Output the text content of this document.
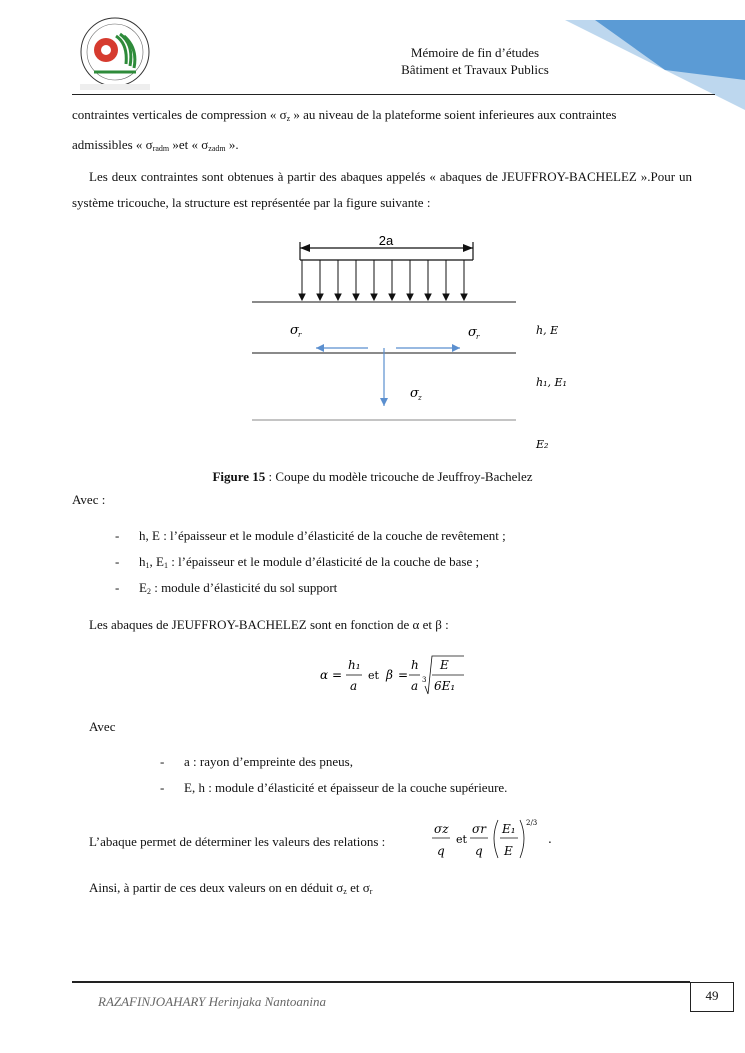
Mémoire de fin d’études
Bâtiment et Travaux Publics
contraintes verticales de compression « $\sigma_z$ » au niveau de la plateforme soient inferieures aux contraintes
admissibles « $\sigma_{radm}$ »et « $\sigma_{zadm}$ ».
Les deux contraintes sont obtenues à partir des abaques appelés « abaques de JEUFFROY-BACHELEZ ».Pour un système tricouche, la structure est représentée par la figure suivante :
2a
σ r	σ r
σ z
h, E
h₁, E₁
E₂
Figure 15 : Coupe du modèle tricouche de Jeuffroy-Bachelez
Avec :
- h, E : l’épaisseur et le module d’élasticité de la couche de revêtement ;
- $h_1$, $E_1$ : l’épaisseur et le module d’élasticité de la couche de base ;
- $E_2$ : module d’élasticité du sol support
Les abaques de JEUFFROY-BACHELEZ sont en fonction de α et β :
α =
h₁
a
et β =
h
a 3
E
6E₁
Avec
- a : rayon d’empreinte des pneus,
- E, h : module d’élasticité et épaisseur de la couche supérieure.
L’abaque permet de déterminer les valeurs des relations :
σz
q
et
σr
q
E₁
E
2/3
.
Ainsi, à partir de ces deux valeurs on en déduit $\sigma_z$ et $\sigma_r$
RAZAFINJOAHARY Herinjaka Nantoanina	49
